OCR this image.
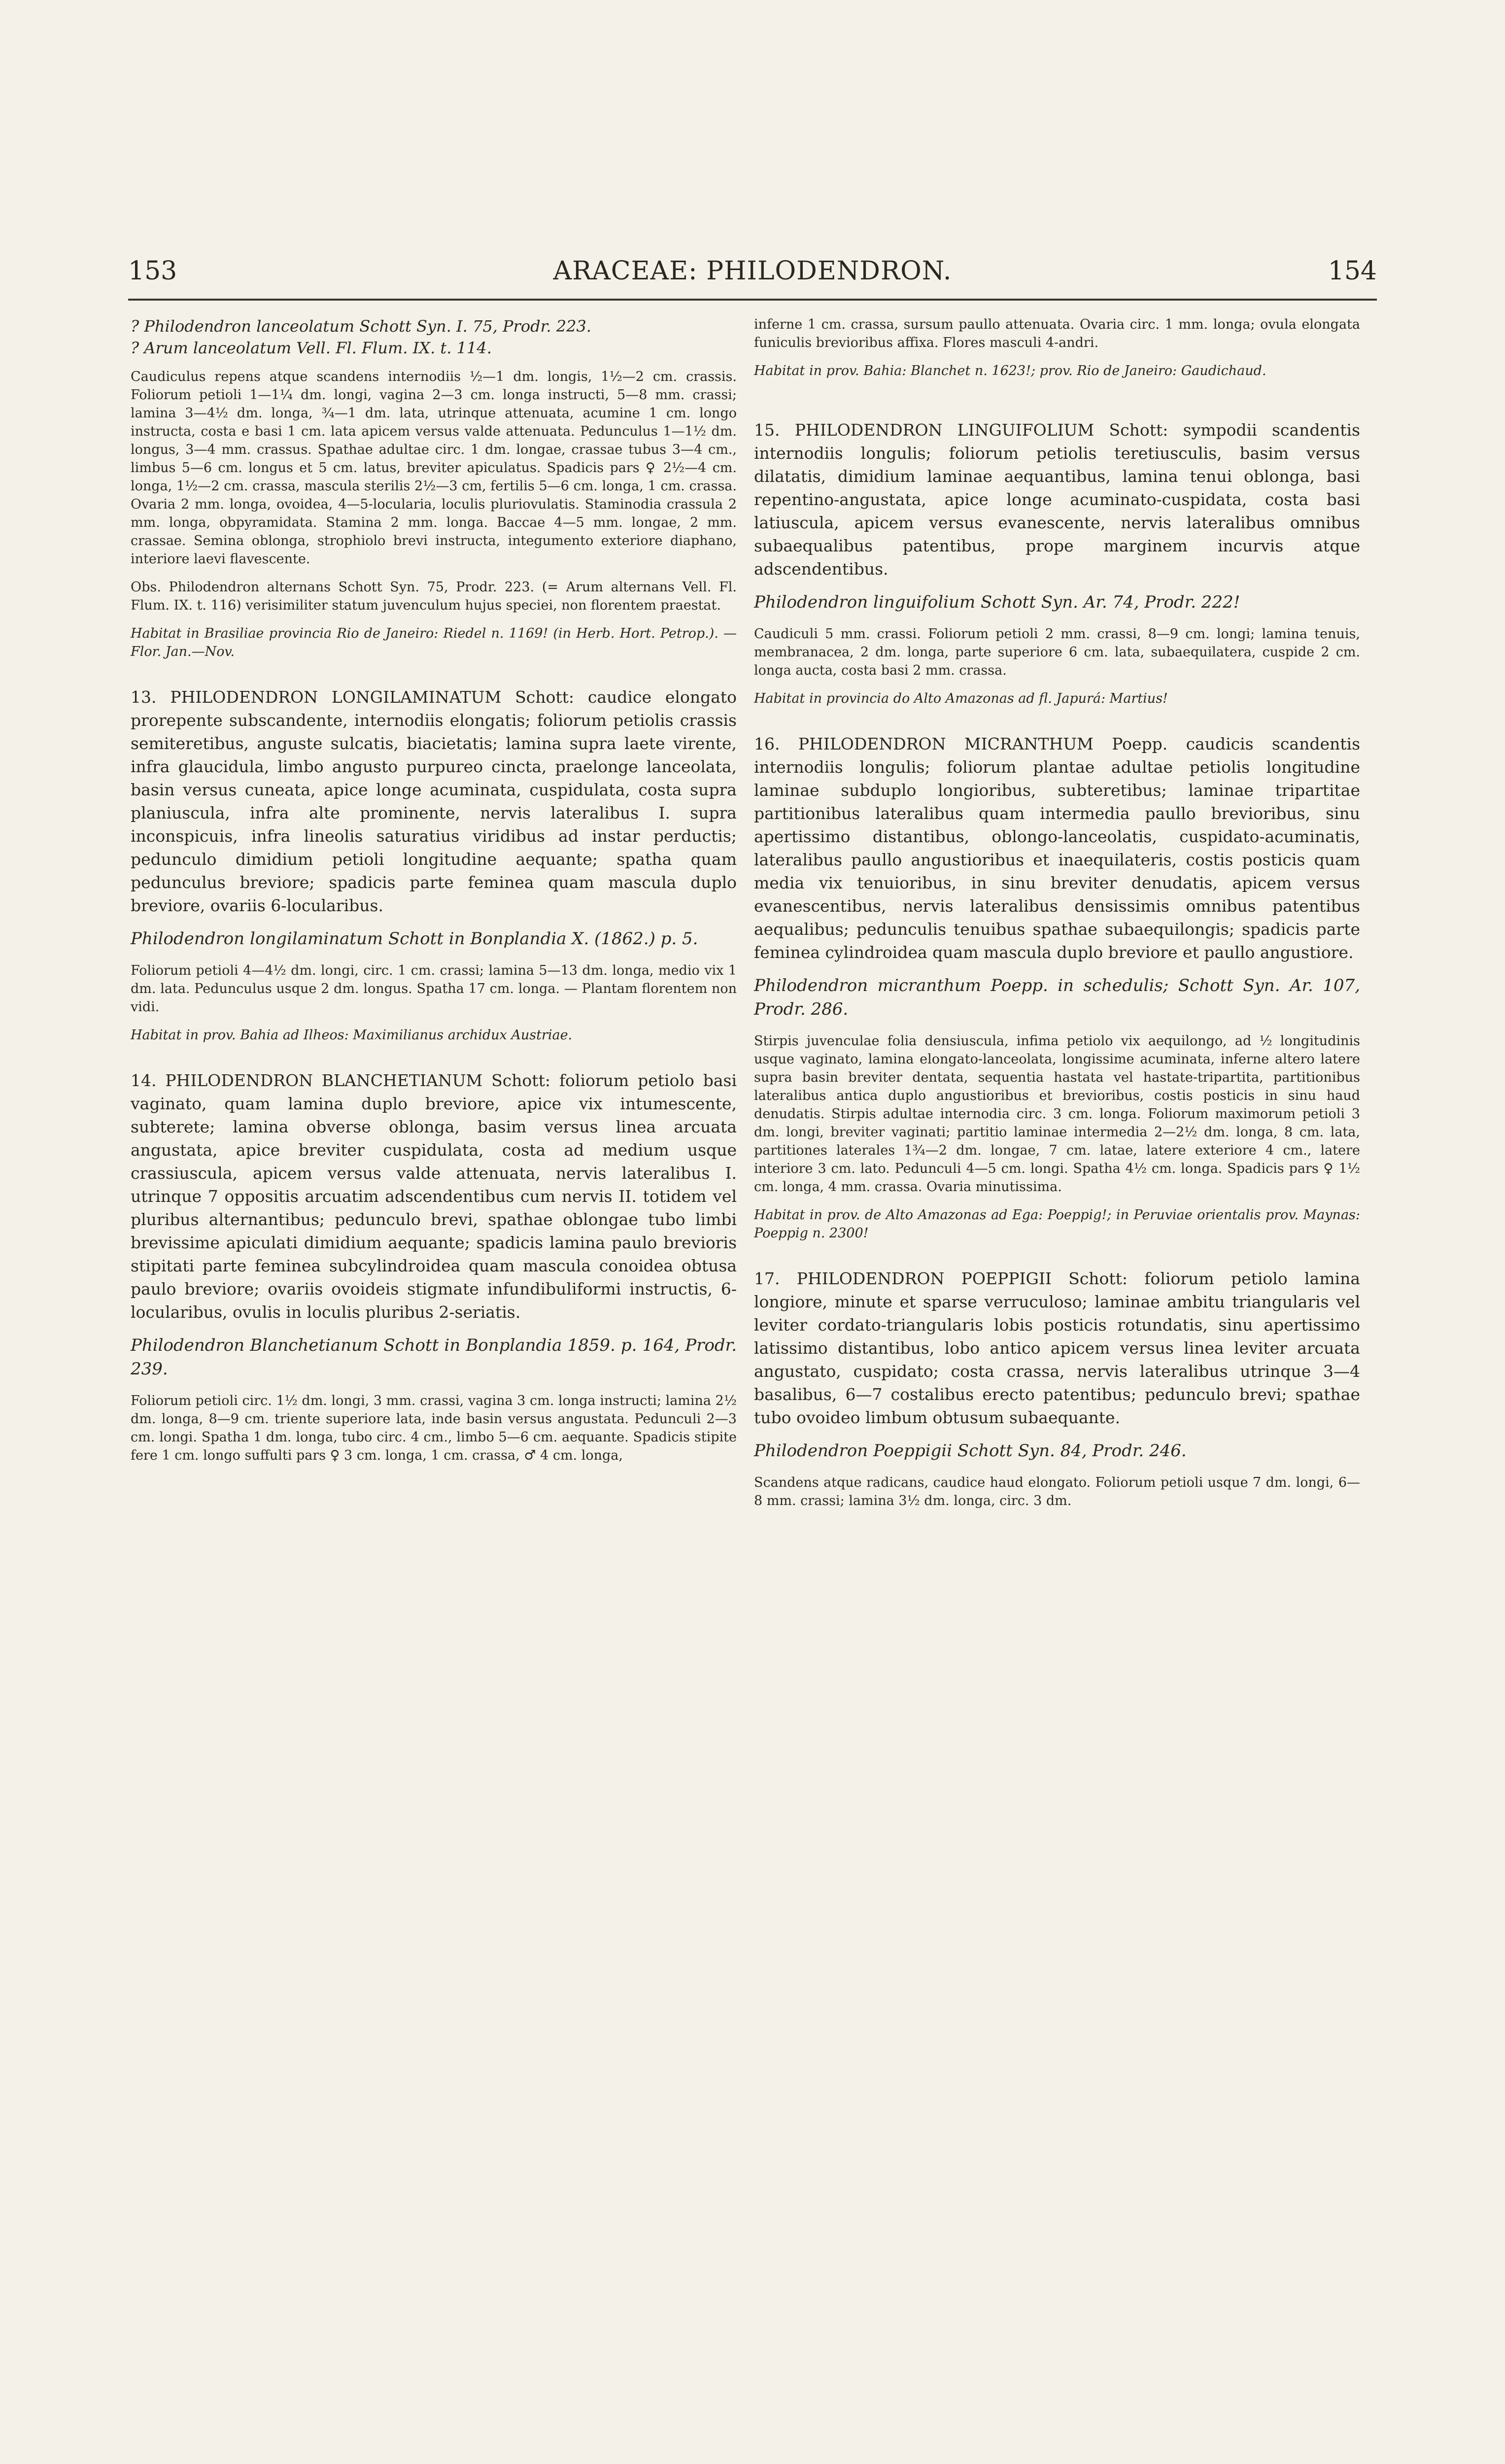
153	ARACEAE: PHILODENDRON.	154

? Philodendron lanceolatum Schott Syn. I. 75, Prodr. 223.

? Arum lanceolatum Vell. Fl. Flum. IX. t. 114.

Caudiculus repens atque scandens internodiis ½—1 dm. longis, 1½—2 cm. crassis. Foliorum petioli 1—1¼ dm. longi, vagina 2—3 cm. longa instructi, 5—8 mm. crassi; lamina 3—4½ dm. longa, ¾—1 dm. lata, utrinque attenuata, acumine 1 cm. longo instructa, costa e basi 1 cm. lata apicem versus valde attenuata. Pedunculus 1—1½ dm. longus, 3—4 mm. crassus. Spathae adultae circ. 1 dm. longae, crassae tubus 3—4 cm., limbus 5—6 cm. longus et 5 cm. latus, breviter apiculatus. Spadicis pars ♀ 2½—4 cm. longa, 1½—2 cm. crassa, mascula sterilis 2½—3 cm, fertilis 5—6 cm. longa, 1 cm. crassa. Ovaria 2 mm. longa, ovoidea, 4—5-locularia, loculis pluriovulatis. Staminodia crassula 2 mm. longa, obpyramidata. Stamina 2 mm. longa. Baccae 4—5 mm. longae, 2 mm. crassae. Semina oblonga, strophiolo brevi instructa, integumento exteriore diaphano, interiore laevi flavescente.

Obs. Philodendron alternans Schott Syn. 75, Prodr. 223. (= Arum alternans Vell. Fl. Flum. IX. t. 116) verisimiliter statum juvenculum hujus speciei, non florentem praestat.

Habitat in Brasiliae provincia Rio de Janeiro: Riedel n. 1169! (in Herb. Hort. Petrop.). — Flor. Jan.—Nov.

13. PHILODENDRON LONGILAMINATUM Schott: caudice elongato prorepente subscandente, internodiis elongatis; foliorum petiolis crassis semiteretibus, anguste sulcatis, biacietatis; lamina supra laete virente, infra glaucidula, limbo angusto purpureo cincta, praelonge lanceolata, basin versus cuneata, apice longe acuminata, cuspidulata, costa supra planiuscula, infra alte prominente, nervis lateralibus I. supra inconspicuis, infra lineolis saturatius viridibus ad instar perductis; pedunculo dimidium petioli longitudine aequante; spatha quam pedunculus breviore; spadicis parte feminea quam mascula duplo breviore, ovariis 6-locularibus.

Philodendron longilaminatum Schott in Bonplandia X. (1862.) p. 5.

Foliorum petioli 4—4½ dm. longi, circ. 1 cm. crassi; lamina 5—13 dm. longa, medio vix 1 dm. lata. Pedunculus usque 2 dm. longus. Spatha 17 cm. longa. — Plantam florentem non vidi.

Habitat in prov. Bahia ad Ilheos: Maximilianus archidux Austriae.

14. PHILODENDRON BLANCHETIANUM Schott: foliorum petiolo basi vaginato, quam lamina duplo breviore, apice vix intumescente, subterete; lamina obverse oblonga, basim versus linea arcuata angustata, apice breviter cuspidulata, costa ad medium usque crassiuscula, apicem versus valde attenuata, nervis lateralibus I. utrinque 7 oppositis arcuatim adscendentibus cum nervis II. totidem vel pluribus alternantibus; pedunculo brevi, spathae oblongae tubo limbi brevissime apiculati dimidium aequante; spadicis lamina paulo brevioris stipitati parte feminea subcylindroidea quam mascula conoidea obtusa paulo breviore; ovariis ovoideis stigmate infundibuliformi instructis, 6-locularibus, ovulis in loculis pluribus 2-seriatis.

Philodendron Blanchetianum Schott in Bonplandia 1859. p. 164, Prodr. 239.

Foliorum petioli circ. 1½ dm. longi, 3 mm. crassi, vagina 3 cm. longa instructi; lamina 2½ dm. longa, 8—9 cm. triente superiore lata, inde basin versus angustata. Pedunculi 2—3 cm. longi. Spatha 1 dm. longa, tubo circ. 4 cm., limbo 5—6 cm. aequante. Spadicis stipite fere 1 cm. longo suffulti pars ♀ 3 cm. longa, 1 cm. crassa, ♂ 4 cm. longa,

inferne 1 cm. crassa, sursum paullo attenuata. Ovaria circ. 1 mm. longa; ovula elongata funiculis brevioribus affixa. Flores masculi 4-andri.

Habitat in prov. Bahia: Blanchet n. 1623!; prov. Rio de Janeiro: Gaudichaud.

15. PHILODENDRON LINGUIFOLIUM Schott: sympodii scandentis internodiis longulis; foliorum petiolis teretiusculis, basim versus dilatatis, dimidium laminae aequantibus, lamina tenui oblonga, basi repentino-angustata, apice longe acuminato-cuspidata, costa basi latiuscula, apicem versus evanescente, nervis lateralibus omnibus subaequalibus patentibus, prope marginem incurvis atque adscendentibus.

Philodendron linguifolium Schott Syn. Ar. 74, Prodr. 222!

Caudiculi 5 mm. crassi. Foliorum petioli 2 mm. crassi, 8—9 cm. longi; lamina tenuis, membranacea, 2 dm. longa, parte superiore 6 cm. lata, subaequilatera, cuspide 2 cm. longa aucta, costa basi 2 mm. crassa.

Habitat in provincia do Alto Amazonas ad fl. Japurá: Martius!

16. PHILODENDRON MICRANTHUM Poepp. caudicis scandentis internodiis longulis; foliorum plantae adultae petiolis longitudine laminae subduplo longioribus, subteretibus; laminae tripartitae partitionibus lateralibus quam intermedia paullo brevioribus, sinu apertissimo distantibus, oblongo-lanceolatis, cuspidato-acuminatis, lateralibus paullo angustioribus et inaequilateris, costis posticis quam media vix tenuioribus, in sinu breviter denudatis, apicem versus evanescentibus, nervis lateralibus densissimis omnibus patentibus aequalibus; pedunculis tenuibus spathae subaequilongis; spadicis parte feminea cylindroidea quam mascula duplo breviore et paullo angustiore.

Philodendron micranthum Poepp. in schedulis; Schott Syn. Ar. 107, Prodr. 286.

Stirpis juvenculae folia densiuscula, infima petiolo vix aequilongo, ad ½ longitudinis usque vaginato, lamina elongato-lanceolata, longissime acuminata, inferne altero latere supra basin breviter dentata, sequentia hastata vel hastate-tripartita, partitionibus lateralibus antica duplo angustioribus et brevioribus, costis posticis in sinu haud denudatis. Stirpis adultae internodia circ. 3 cm. longa. Foliorum maximorum petioli 3 dm. longi, breviter vaginati; partitio laminae intermedia 2—2½ dm. longa, 8 cm. lata, partitiones laterales 1¾—2 dm. longae, 7 cm. latae, latere exteriore 4 cm., latere interiore 3 cm. lato. Pedunculi 4—5 cm. longi. Spatha 4½ cm. longa. Spadicis pars ♀ 1½ cm. longa, 4 mm. crassa. Ovaria minutissima.

Habitat in prov. de Alto Amazonas ad Ega: Poeppig!; in Peruviae orientalis prov. Maynas: Poeppig n. 2300!

17. PHILODENDRON POEPPIGII Schott: foliorum petiolo lamina longiore, minute et sparse verruculoso; laminae ambitu triangularis vel leviter cordato-triangularis lobis posticis rotundatis, sinu apertissimo latissimo distantibus, lobo antico apicem versus linea leviter arcuata angustato, cuspidato; costa crassa, nervis lateralibus utrinque 3—4 basalibus, 6—7 costalibus erecto patentibus; pedunculo brevi; spathae tubo ovoideo limbum obtusum subaequante.

Philodendron Poeppigii Schott Syn. 84, Prodr. 246.

Scandens atque radicans, caudice haud elongato. Foliorum petioli usque 7 dm. longi, 6—8 mm. crassi; lamina 3½ dm. longa, circ. 3 dm.
